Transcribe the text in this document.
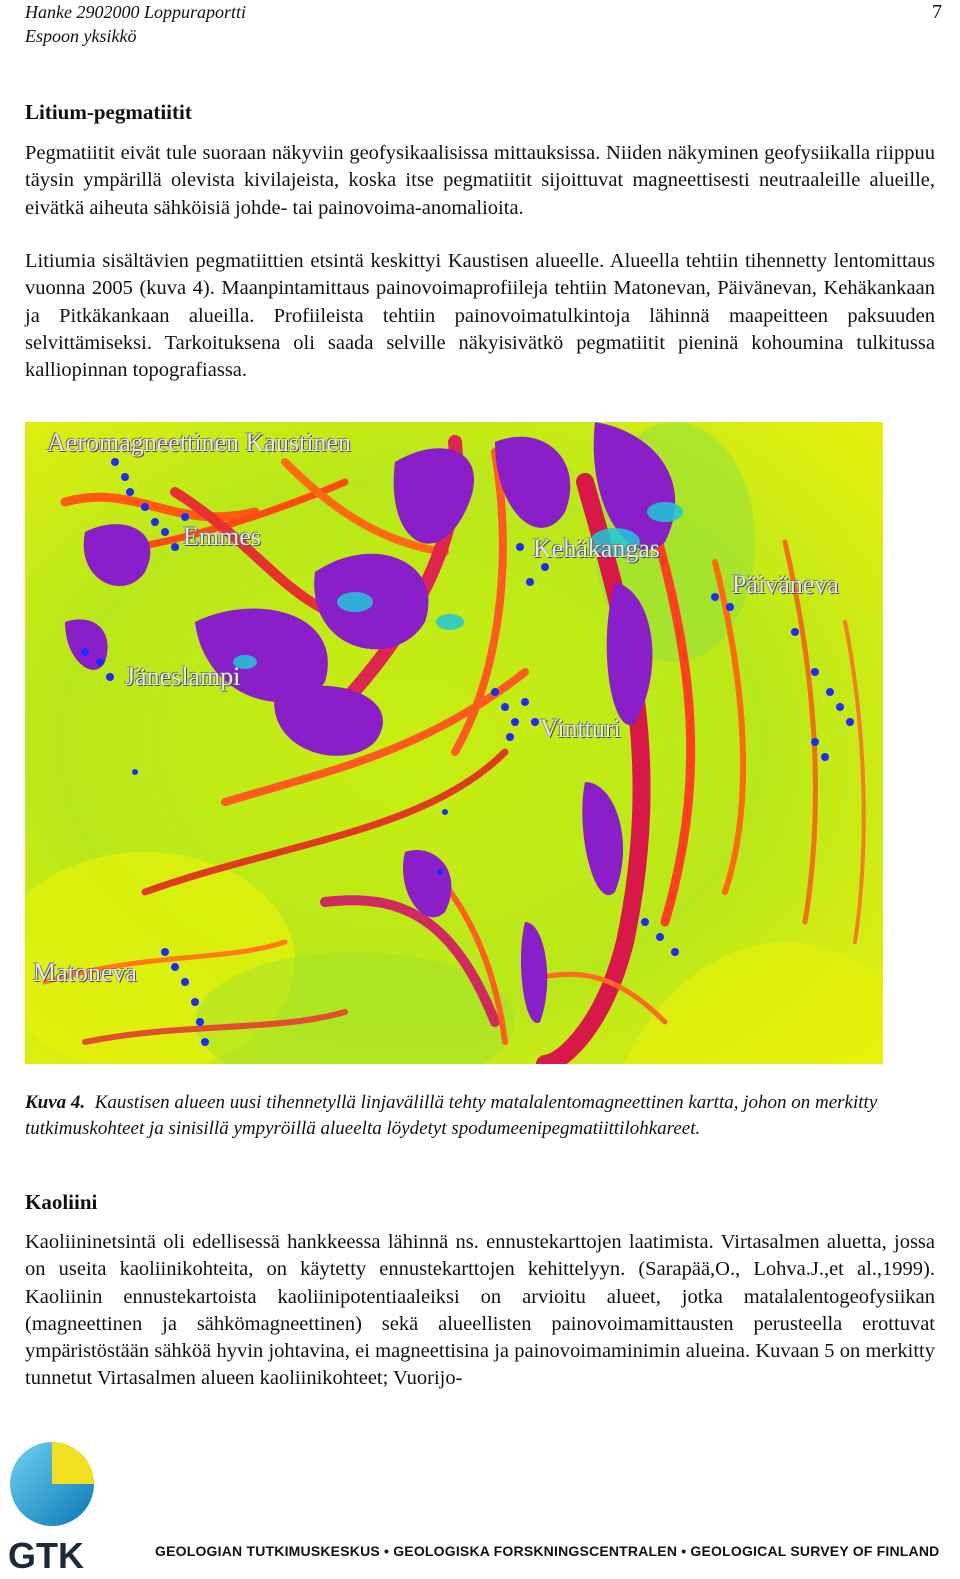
Hanke 2902000 Loppuraportti
Espoon yksikkö
7
Litium-pegmatiitit

Pegmatiitit eivät tule suoraan näkyviin geofysikaalisissa mittauksissa. Niiden näkyminen geofysiikalla riippuu täysin ympärillä olevista kivilajeista, koska itse pegmatiitit sijoittuvat magneettisesti neutraaleille alueille, eivätkä aiheuta sähköisiä johde- tai painovoima-anomalioita.

Litiumia sisältävien pegmatiittien etsintä keskittyi Kaustisen alueelle. Alueella tehtiin tihennetty lentomittaus vuonna 2005 (kuva 4). Maanpintamittaus painovoimaprofiileja tehtiin Matonevan, Päivänevan, Kehäkankaan ja Pitkäkankaan alueilla. Profiileista tehtiin painovoimatulkintoja lähinnä maapeitteen paksuuden selvittämiseksi. Tarkoituksena oli saada selville näkyisivätkö pegmatiitit pieninä kohoumina tulkitussa kalliopinnan topografiassa.

Aeromagneettinen Kaustinen
Emmes	Kehäkangas
Päiväneva
Jäneslampi
Vintturi
Matoneva
Kuva 4. Kaustisen alueen uusi tihennetyllä linjavälillä tehty matalalentomagneettinen kartta, johon on merkitty tutkimuskohteet ja sinisillä ympyröillä alueelta löydetyt spodumeenipegmatiittilohkareet.
Kaoliini

Kaoliininetsintä oli edellisessä hankkeessa lähinnä ns. ennustekarttojen laatimista. Virtasalmen aluetta, jossa on useita kaoliinikohteita, on käytetty ennustekarttojen kehittelyyn. (Sarapää,O., Lohva.J.,et al.,1999). Kaoliinin ennustekartoista kaoliinipotentiaaleiksi on arvioitu alueet, jotka matalalentogeofysiikan (magneettinen ja sähkömagneettinen) sekä alueellisten painovoimamittausten perusteella erottuvat ympäristöstään sähköä hyvin johtavina, ei magneettisina ja painovoimaminimin alueina. Kuvaan 5 on merkitty tunnetut Virtasalmen alueen kaoliinikohteet; Vuorijo-

GTK	GEOLOGIAN TUTKIMUSKESKUS • GEOLOGISKA FORSKNINGSCENTRALEN • GEOLOGICAL SURVEY OF FINLAND
